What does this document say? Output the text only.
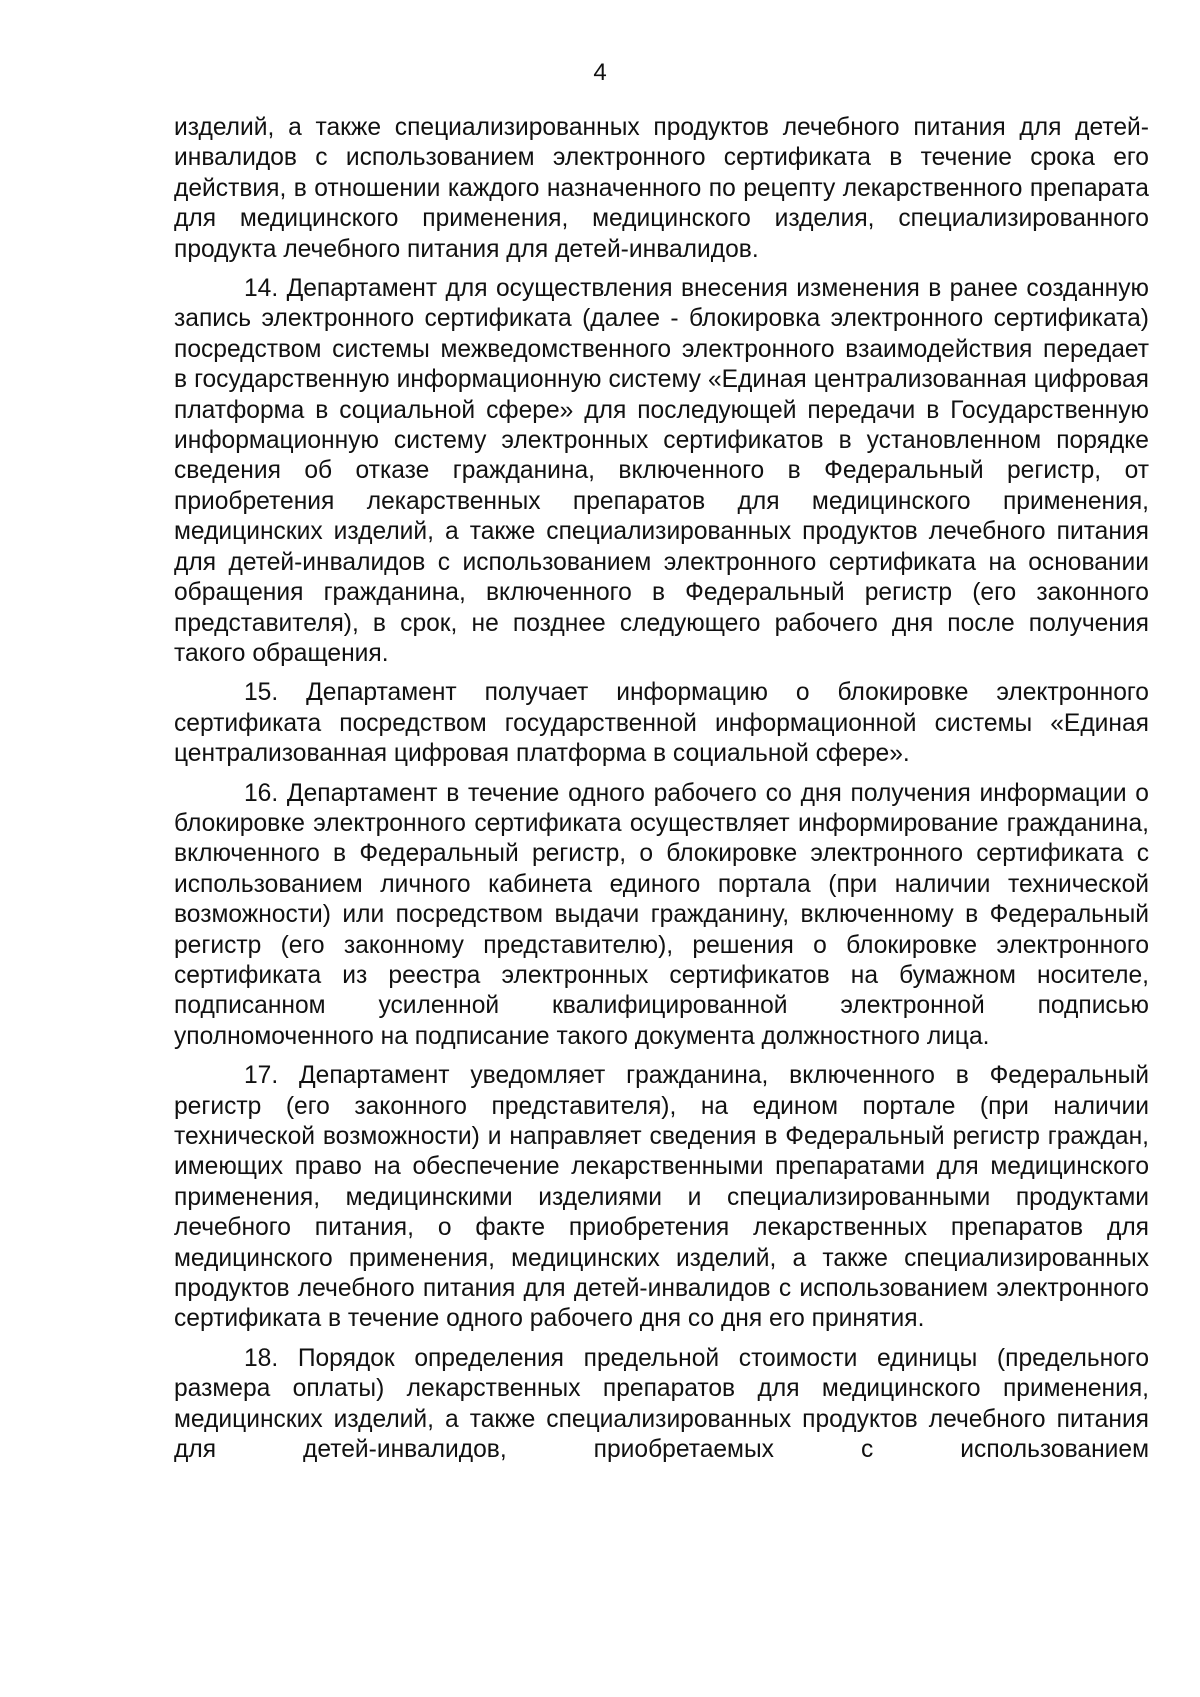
4

изделий, а также специализированных продуктов лечебного питания для детей-инвалидов с использованием электронного сертификата в течение срока его действия, в отношении каждого назначенного по рецепту лекарственного препарата для медицинского применения, медицинского изделия, специализированного продукта лечебного питания для детей-инвалидов.

14. Департамент для осуществления внесения изменения в ранее созданную запись электронного сертификата (далее - блокировка электронного сертификата) посредством системы межведомственного электронного взаимодействия передает в государственную информационную систему «Единая централизованная цифровая платформа в социальной сфере» для последующей передачи в Государственную информационную систему электронных сертификатов в установленном порядке сведения об отказе гражданина, включенного в Федеральный регистр, от приобретения лекарственных препаратов для медицинского применения, медицинских изделий, а также специализированных продуктов лечебного питания для детей-инвалидов с использованием электронного сертификата на основании обращения гражданина, включенного в Федеральный регистр (его законного представителя), в срок, не позднее следующего рабочего дня после получения такого обращения.

15. Департамент получает информацию о блокировке электронного сертификата посредством государственной информационной системы «Единая централизованная цифровая платформа в социальной сфере».

16. Департамент в течение одного рабочего со дня получения информации о блокировке электронного сертификата осуществляет информирование гражданина, включенного в Федеральный регистр, о блокировке электронного сертификата с использованием личного кабинета единого портала (при наличии технической возможности) или посредством выдачи гражданину, включенному в Федеральный регистр (его законному представителю), решения о блокировке электронного сертификата из реестра электронных сертификатов на бумажном носителе, подписанном усиленной квалифицированной электронной подписью уполномоченного на подписание такого документа должностного лица.

17. Департамент уведомляет гражданина, включенного в Федеральный регистр (его законного представителя), на едином портале (при наличии технической возможности) и направляет сведения в Федеральный регистр граждан, имеющих право на обеспечение лекарственными препаратами для медицинского применения, медицинскими изделиями и специализированными продуктами лечебного питания, о факте приобретения лекарственных препаратов для медицинского применения, медицинских изделий, а также специализированных продуктов лечебного питания для детей-инвалидов с использованием электронного сертификата в течение одного рабочего дня со дня его принятия.

18. Порядок определения предельной стоимости единицы (предельного размера оплаты) лекарственных препаратов для медицинского применения, медицинских изделий, а также специализированных продуктов лечебного питания для детей-инвалидов, приобретаемых с использованием
